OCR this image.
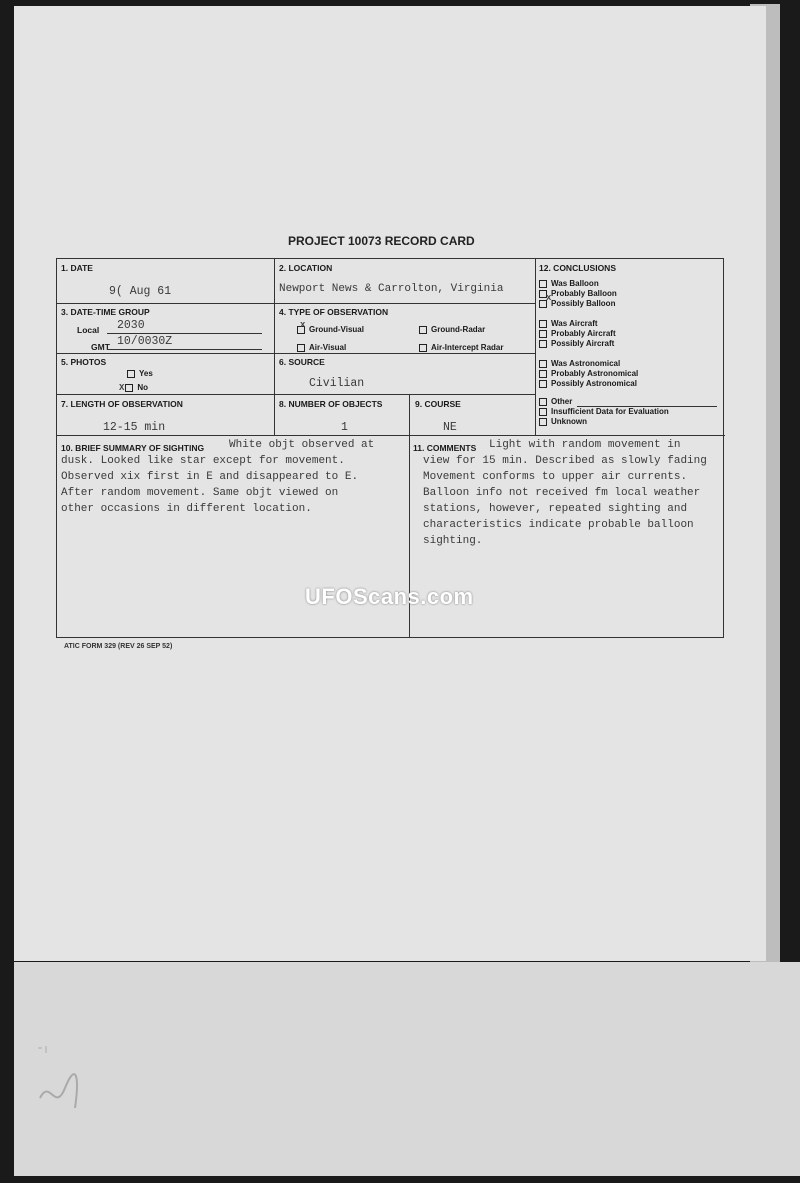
PROJECT 10073 RECORD CARD
1. DATE
9( Aug 61
2. LOCATION
Newport News & Carrolton, Virginia
3. DATE-TIME GROUP
Local 2030
GMT 10/0030Z
4. TYPE OF OBSERVATION
x Ground-Visual	Ground-Radar
Air-Visual	Air-Intercept Radar
5. PHOTOS
Yes
X No
6. SOURCE
Civilian
7. LENGTH OF OBSERVATION
12-15 min
8. NUMBER OF OBJECTS
1
9. COURSE
NE
12. CONCLUSIONS
Was Balloon
Probably Balloon
x
Possibly Balloon
Was Aircraft
Probably Aircraft
Possibly Aircraft
Was Astronomical
Probably Astronomical
Possibly Astronomical
Other
Insufficient Data for Evaluation
Unknown
10. BRIEF SUMMARY OF SIGHTING White objt observed at
dusk. Looked like star except for movement.
Observed xix first in E and disappeared to E.
After random movement. Same objt viewed on
other occasions in different location.
11. COMMENTS Light with random movement in
view for 15 min. Described as slowly fading
Movement conforms to upper air currents.
Balloon info not received fm local weather
stations, however, repeated sighting and
characteristics indicate probable balloon
sighting.
UFOScans.com
ATIC FORM 329 (REV 26 SEP 52)
